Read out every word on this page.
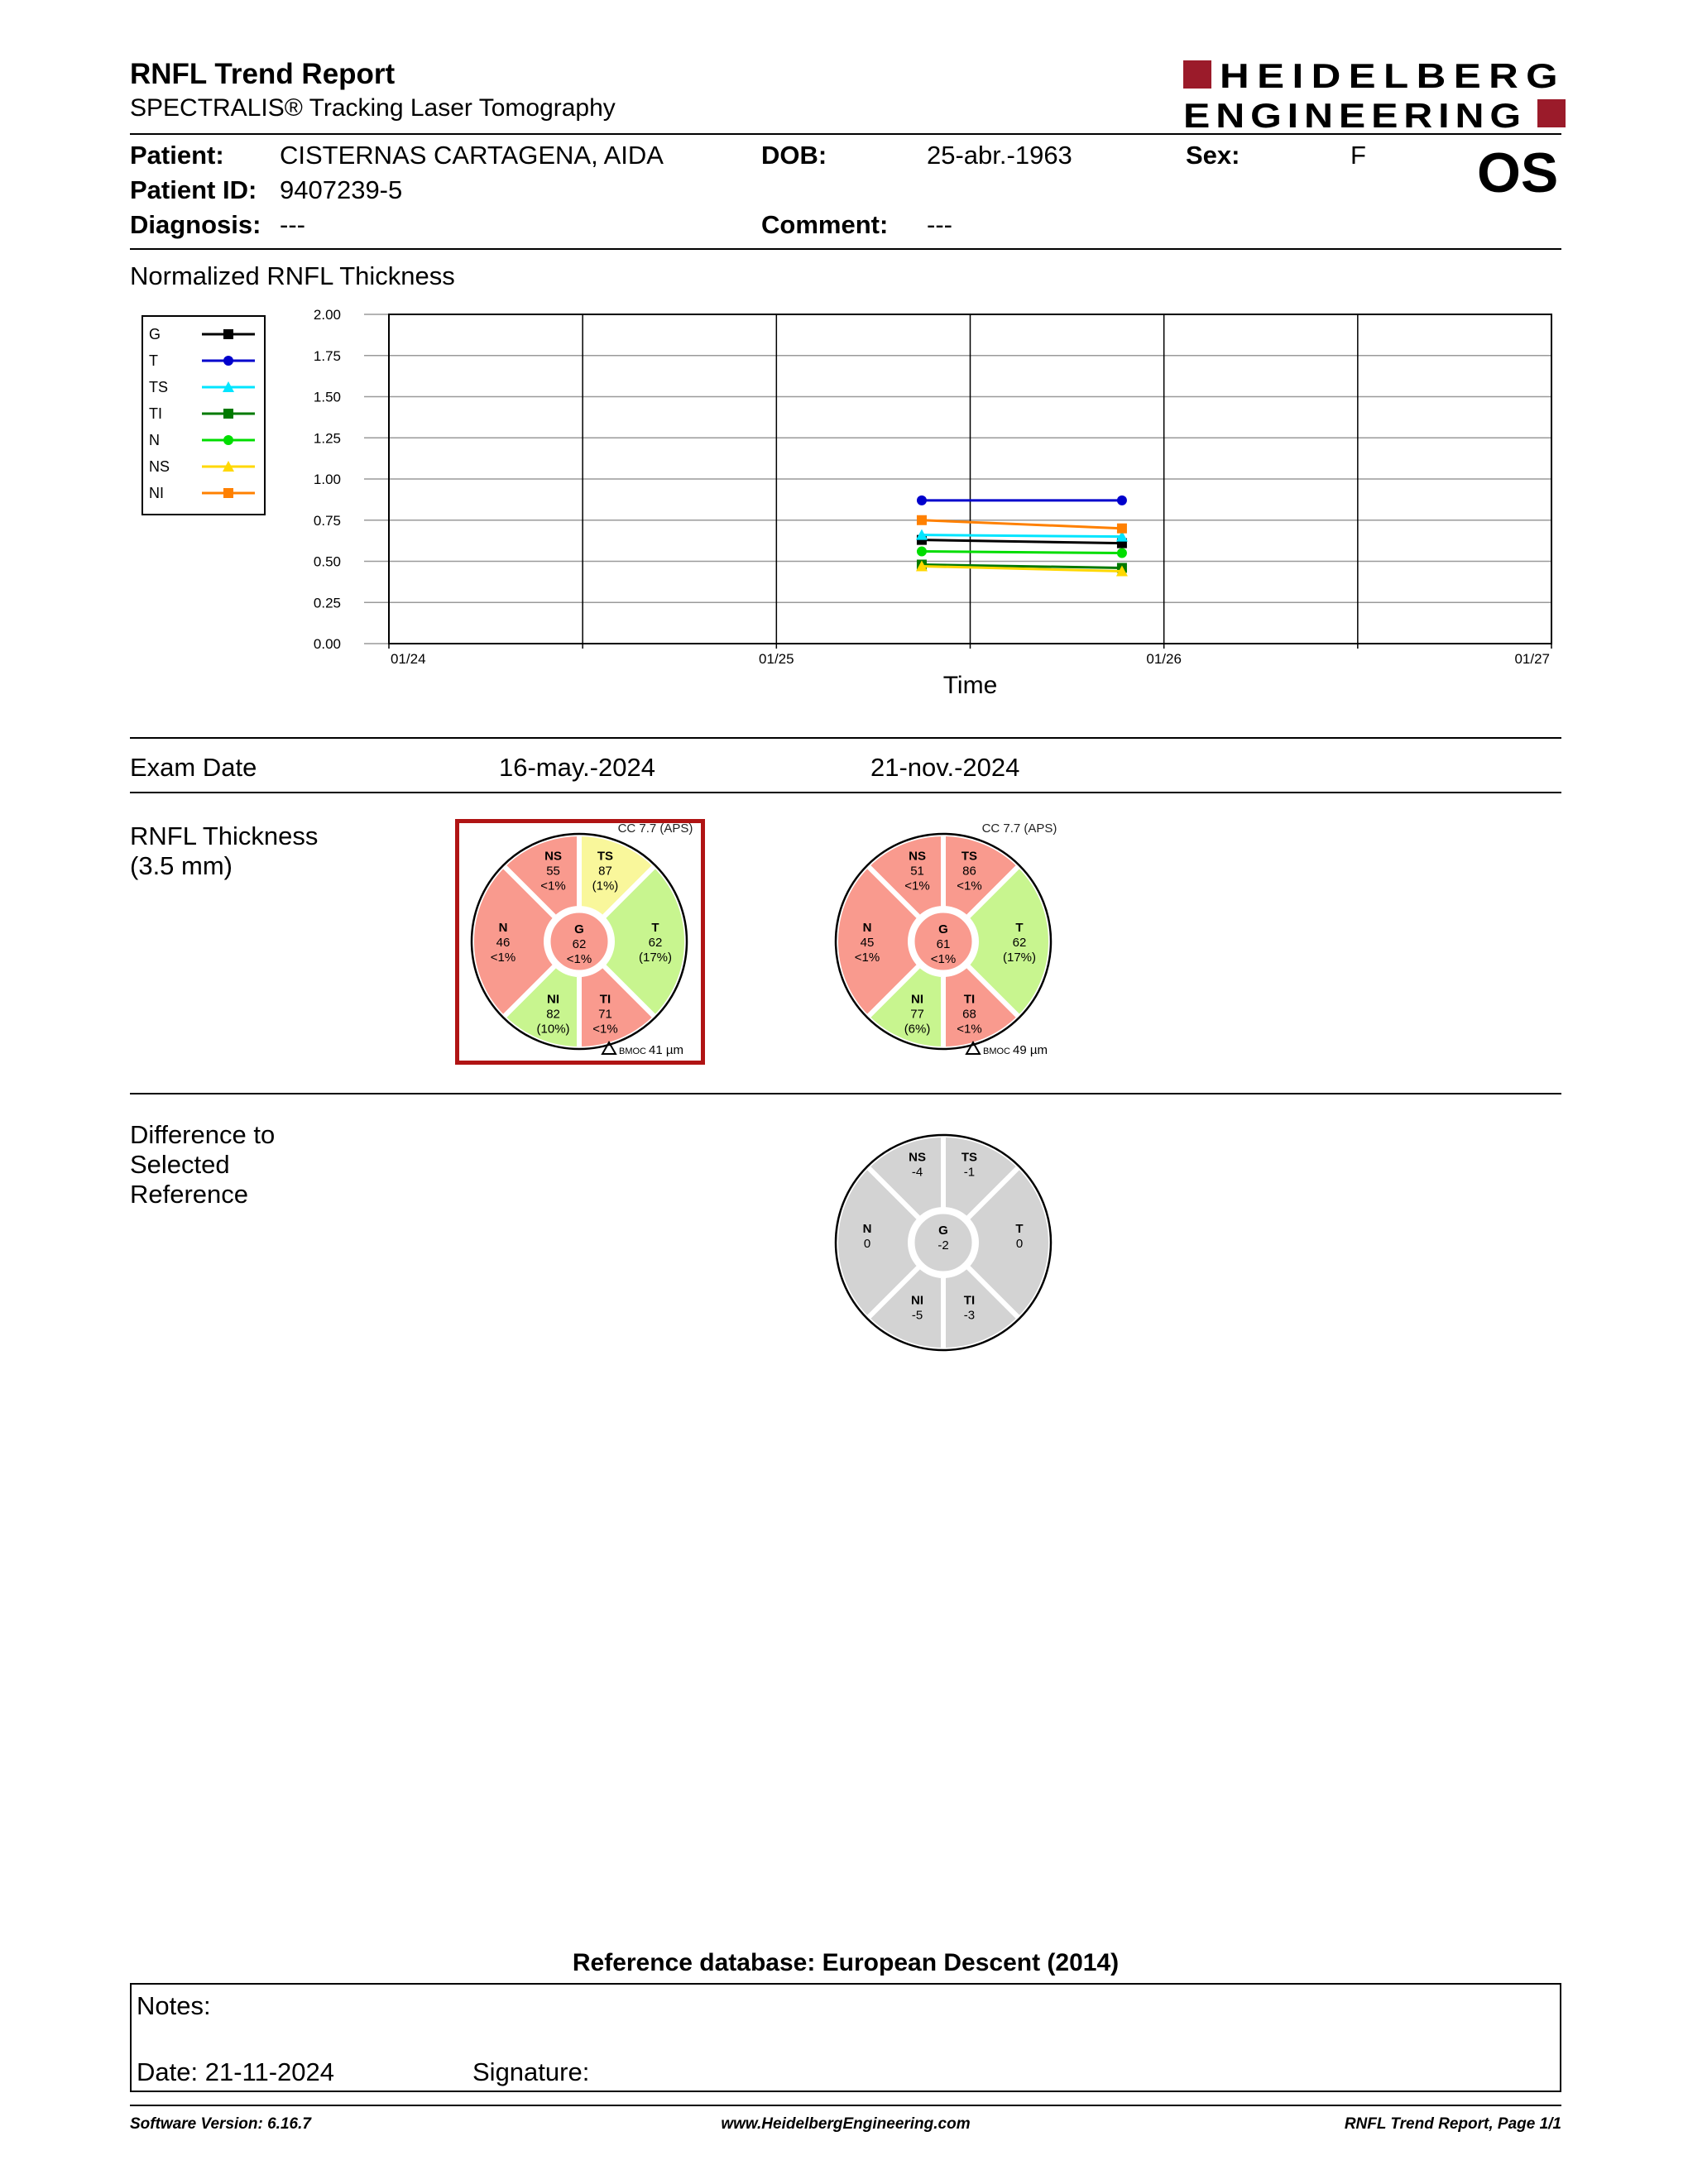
RNFL Trend Report
SPECTRALIS® Tracking Laser Tomography
HEIDELBERG
ENGINEERING
Patient: CISTERNAS CARTAGENA, AIDA	DOB:	25-abr.-1963	Sex:	F OS
Patient ID: 9407239-5
Diagnosis: ---	Comment: ---
Normalized RNFL Thickness
0.00
0.25
0.50
0.75
1.00
1.25
1.50
1.75
2.00
01/24	01/25	01/26	01/27
Time
G
T
TS
TI
N
NS
NI
Exam Date	16-may.-2024	21-nov.-2024
RNFL Thickness
(3.5 mm)	NS
55
<1%
TS
87
(1%)
T
62
(17%)
TI
71
<1%
NI
82
(10%)
N
46
<1%
G
62
<1%
CC 7.7 (APS)
BMOC 41 µm
NS
51
<1%
TS
86
<1%
T
62
(17%)
TI
68
<1%
NI
77
(6%)
N
45
<1%
G
61
<1%
CC 7.7 (APS)
BMOC 49 µm
Difference to
Selected
Reference
NS
-4
TS
-1
T
0
TI
-3
NI
-5
N
0
G
-2
Reference database: European Descent (2014)
Notes:
Date: 21-11-2024	Signature:
Software Version: 6.16.7	www.HeidelbergEngineering.com	RNFL Trend Report, Page 1/1
